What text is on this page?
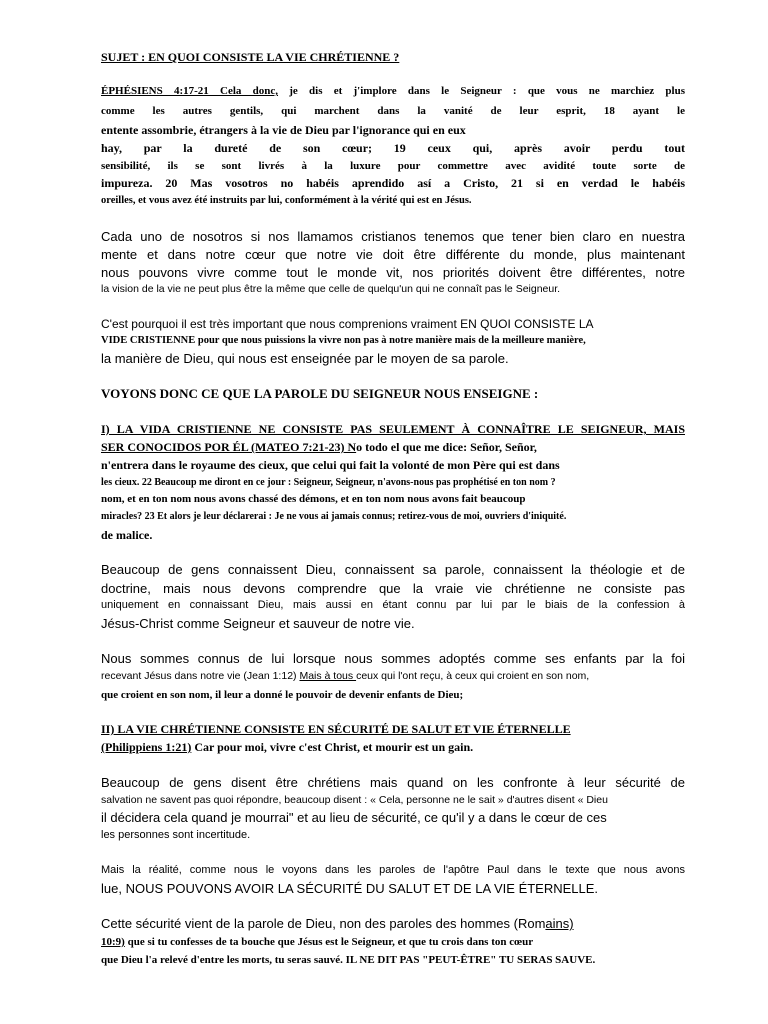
SUJET : EN QUOI CONSISTE LA VIE CHRÉTIENNE ?

ÉPHÉSIENS 4:17-21 Cela donc, je dis et j'implore dans le Seigneur : que vous ne marchiez plus

comme les autres gentils, qui marchent dans la vanité de leur esprit, 18 ayant le

entente assombrie, étrangers à la vie de Dieu par l'ignorance qui en eux

hay, par la dureté de son cœur; 19 ceux qui, après avoir perdu tout

sensibilité, ils se sont livrés à la luxure pour commettre avec avidité toute sorte de

impureza. 20 Mas vosotros no habéis aprendido así a Cristo, 21 si en verdad le habéis

oreilles, et vous avez été instruits par lui, conformément à la vérité qui est en Jésus.

Cada uno de nosotros si nos llamamos cristianos tenemos que tener bien claro en nuestra

mente et dans notre cœur que notre vie doit être différente du monde, plus maintenant

nous pouvons vivre comme tout le monde vit, nos priorités doivent être différentes, notre

la vision de la vie ne peut plus être la même que celle de quelqu'un qui ne connaît pas le Seigneur.

C'est pourquoi il est très important que nous comprenions vraiment EN QUOI CONSISTE LA

VIDE CRISTIENNE pour que nous puissions la vivre non pas à notre manière mais de la meilleure manière,

la manière de Dieu, qui nous est enseignée par le moyen de sa parole.

VOYONS DONC CE QUE LA PAROLE DU SEIGNEUR NOUS ENSEIGNE :

I) LA VIDA CRISTIENNE NE CONSISTE PAS SEULEMENT À CONNAÎTRE LE SEIGNEUR, MAIS

SER CONOCIDOS POR ÉL (MATEO 7:21-23) No todo el que me dice: Señor, Señor,

n'entrera dans le royaume des cieux, que celui qui fait la volonté de mon Père qui est dans

les cieux. 22 Beaucoup me diront en ce jour : Seigneur, Seigneur, n'avons-nous pas prophétisé en ton nom ?

nom, et en ton nom nous avons chassé des démons, et en ton nom nous avons fait beaucoup

miracles? 23 Et alors je leur déclarerai : Je ne vous ai jamais connus; retirez-vous de moi, ouvriers d'iniquité.

de malice.

Beaucoup de gens connaissent Dieu, connaissent sa parole, connaissent la théologie et de

doctrine, mais nous devons comprendre que la vraie vie chrétienne ne consiste pas

uniquement en connaissant Dieu, mais aussi en étant connu par lui par le biais de la confession à

Jésus-Christ comme Seigneur et sauveur de notre vie.

Nous sommes connus de lui lorsque nous sommes adoptés comme ses enfants par la foi

recevant Jésus dans notre vie (Jean 1:12) Mais à tous ceux qui l'ont reçu, à ceux qui croient en son nom,

que croient en son nom, il leur a donné le pouvoir de devenir enfants de Dieu;

II) LA VIE CHRÉTIENNE CONSISTE EN SÉCURITÉ DE SALUT ET VIE ÉTERNELLE

(Philippiens 1:21) Car pour moi, vivre c'est Christ, et mourir est un gain.

Beaucoup de gens disent être chrétiens mais quand on les confronte à leur sécurité de

salvation ne savent pas quoi répondre, beaucoup disent : « Cela, personne ne le sait » d'autres disent « Dieu

il décidera cela quand je mourrai" et au lieu de sécurité, ce qu'il y a dans le cœur de ces

les personnes sont incertitude.

Mais la réalité, comme nous le voyons dans les paroles de l'apôtre Paul dans le texte que nous avons

lue, NOUS POUVONS AVOIR LA SÉCURITÉ DU SALUT ET DE LA VIE ÉTERNELLE.

Cette sécurité vient de la parole de Dieu, non des paroles des hommes (Romains)

10:9) que si tu confesses de ta bouche que Jésus est le Seigneur, et que tu crois dans ton cœur

que Dieu l'a relevé d'entre les morts, tu seras sauvé. IL NE DIT PAS "PEUT-ÊTRE" TU SERAS SAUVE.
